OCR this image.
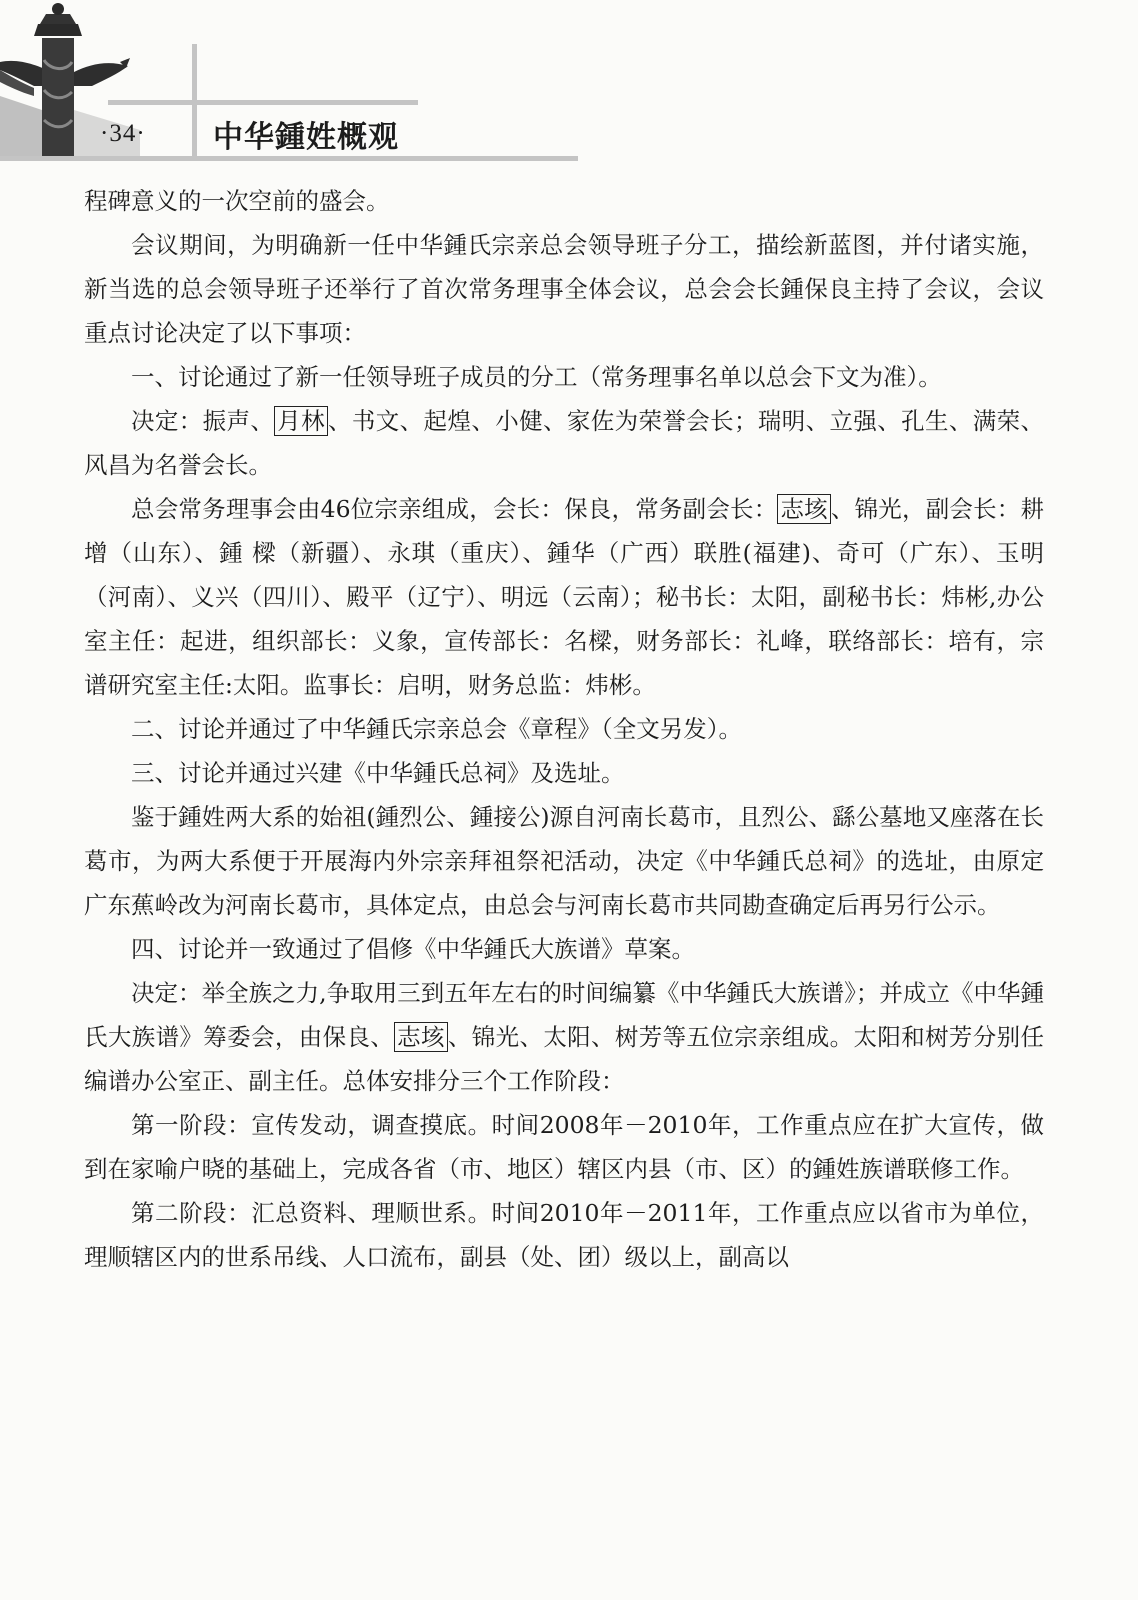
·34· 中华鍾姓概观

程碑意义的一次空前的盛会。

会议期间，为明确新一任中华鍾氏宗亲总会领导班子分工，描绘新蓝图，并付诸实施，新当选的总会领导班子还举行了首次常务理事全体会议，总会会长鍾保良主持了会议，会议重点讨论决定了以下事项：

一、讨论通过了新一任领导班子成员的分工（常务理事名单以总会下文为准）。

决定：振声、 月林 、书文、起煌、小健、家佐为荣誉会长；瑞明、立强、孔生、满荣、风昌为名誉会长。

总会常务理事会由46位宗亲组成，会长：保良，常务副会长： 志垓 、锦光，副会长：耕增（山东）、鍾 樑（新疆）、永琪（重庆）、鍾华（广西）联胜(福建)、奇可（广东）、玉明（河南）、义兴（四川）、殿平（辽宁）、明远（云南）；秘书长：太阳，副秘书长：炜彬,办公室主任：起进，组织部长：义象，宣传部长：名樑，财务部长：礼峰，联络部长：培有，宗谱研究室主任:太阳。监事长：启明，财务总监：炜彬。

二、讨论并通过了中华鍾氏宗亲总会《章程》（全文另发）。

三、讨论并通过兴建《中华鍾氏总祠》及选址。

鉴于鍾姓两大系的始祖(鍾烈公、鍾接公)源自河南长葛市，且烈公、繇公墓地又座落在长葛市，为两大系便于开展海内外宗亲拜祖祭祀活动，决定《中华鍾氏总祠》的选址，由原定广东蕉岭改为河南长葛市，具体定点，由总会与河南长葛市共同勘查确定后再另行公示。

四、讨论并一致通过了倡修《中华鍾氏大族谱》草案。

决定：举全族之力,争取用三到五年左右的时间编纂《中华鍾氏大族谱》；并成立《中华鍾氏大族谱》筹委会，由保良、 志垓 、锦光、太阳、树芳等五位宗亲组成。太阳和树芳分别任编谱办公室正、副主任。总体安排分三个工作阶段：

第一阶段：宣传发动，调查摸底。时间2008年－2010年，工作重点应在扩大宣传，做到在家喻户晓的基础上，完成各省（市、地区）辖区内县（市、区）的鍾姓族谱联修工作。

第二阶段：汇总资料、理顺世系。时间2010年－2011年，工作重点应以省市为单位，理顺辖区内的世系吊线、人口流布，副县（处、团）级以上，副高以
